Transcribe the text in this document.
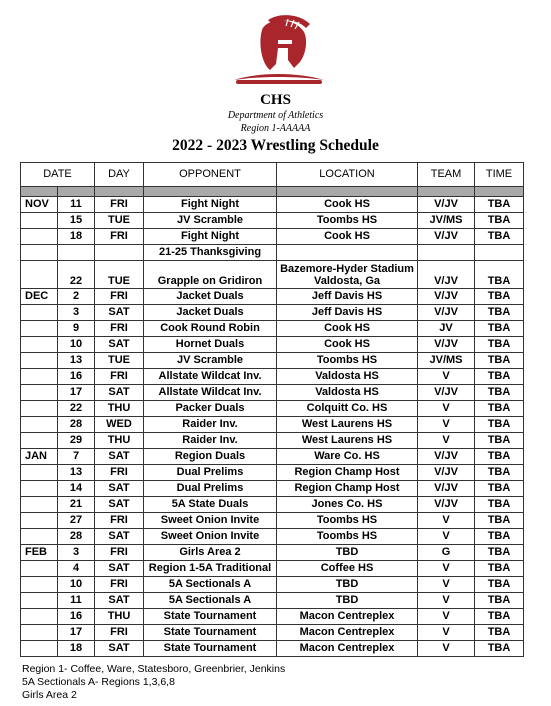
CHS
Department of Athletics
Region 1-AAAAA
2022 - 2023 Wrestling Schedule
DATE		DAY	OPPONENT	LOCATION	TEAM	TIME

NOV	11	FRI	Fight Night	Cook HS	V/JV	TBA
	15	TUE	JV Scramble	Toombs HS	JV/MS	TBA
	18	FRI	Fight Night	Cook HS	V/JV	TBA
			21-25 Thanksgiving			
	22	TUE	Grapple on Gridiron	Bazemore-Hyder Stadium Valdosta, Ga	V/JV	TBA
DEC	2	FRI	Jacket Duals	Jeff Davis HS	V/JV	TBA
	3	SAT	Jacket Duals	Jeff Davis HS	V/JV	TBA
	9	FRI	Cook Round Robin	Cook HS	JV	TBA
	10	SAT	Hornet Duals	Cook HS	V/JV	TBA
	13	TUE	JV Scramble	Toombs HS	JV/MS	TBA
	16	FRI	Allstate Wildcat Inv.	Valdosta HS	V	TBA
	17	SAT	Allstate Wildcat Inv.	Valdosta HS	V/JV	TBA
	22	THU	Packer Duals	Colquitt Co. HS	V	TBA
	28	WED	Raider Inv.	West Laurens HS	V	TBA
	29	THU	Raider Inv.	West Laurens HS	V	TBA
JAN	7	SAT	Region Duals	Ware Co. HS	V/JV	TBA
	13	FRI	Dual Prelims	Region Champ Host	V/JV	TBA
	14	SAT	Dual Prelims	Region Champ Host	V/JV	TBA
	21	SAT	5A State Duals	Jones Co. HS	V/JV	TBA
	27	FRI	Sweet Onion Invite	Toombs HS	V	TBA
	28	SAT	Sweet Onion Invite	Toombs HS	V	TBA
FEB	3	FRI	Girls Area 2	TBD	G	TBA
	4	SAT	Region 1-5A Traditional	Coffee HS	V	TBA
	10	FRI	5A Sectionals A	TBD	V	TBA
	11	SAT	5A Sectionals A	TBD	V	TBA
	16	THU	State Tournament	Macon Centreplex	V	TBA
	17	FRI	State Tournament	Macon Centreplex	V	TBA
	18	SAT	State Tournament	Macon Centreplex	V	TBA
Region 1- Coffee, Ware, Statesboro, Greenbrier, Jenkins
5A Sectionals A- Regions 1,3,6,8
Girls Area 2
